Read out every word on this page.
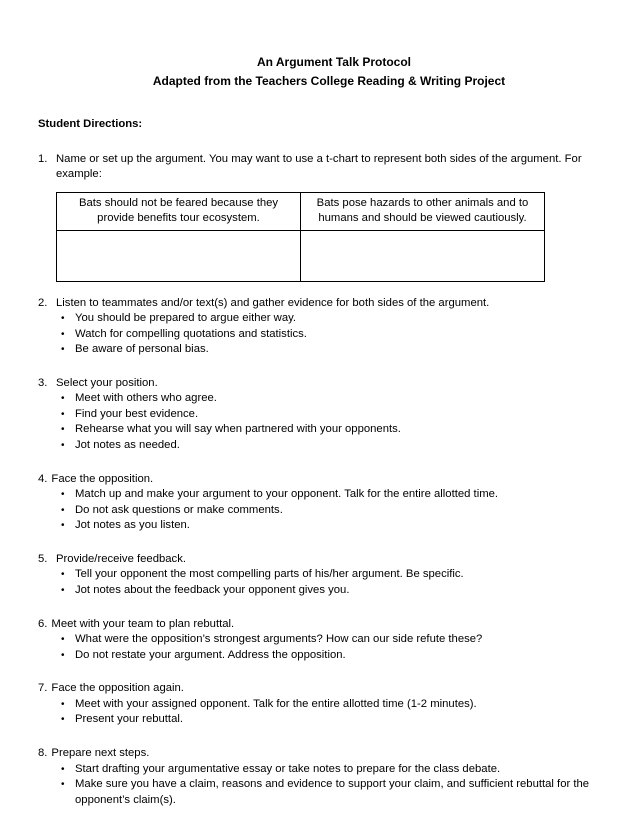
An Argument Talk Protocol
Adapted from the Teachers College Reading & Writing Project
Student Directions:
1. Name or set up the argument. You may want to use a t-chart to represent both sides of the argument. For example:
Bats should not be feared because they provide benefits tour ecosystem.	Bats pose hazards to other animals and to humans and should be viewed cautiously.

2. Listen to teammates and/or text(s) and gather evidence for both sides of the argument.
• You should be prepared to argue either way.
• Watch for compelling quotations and statistics.
• Be aware of personal bias.
3. Select your position.
• Meet with others who agree.
• Find your best evidence.
• Rehearse what you will say when partnered with your opponents.
• Jot notes as needed.
4. Face the opposition.
• Match up and make your argument to your opponent. Talk for the entire allotted time.
• Do not ask questions or make comments.
• Jot notes as you listen.
5. Provide/receive feedback.
• Tell your opponent the most compelling parts of his/her argument. Be specific.
• Jot notes about the feedback your opponent gives you.
6. Meet with your team to plan rebuttal.
• What were the opposition’s strongest arguments? How can our side refute these?
• Do not restate your argument. Address the opposition.
7. Face the opposition again.
• Meet with your assigned opponent. Talk for the entire allotted time (1-2 minutes).
• Present your rebuttal.
8. Prepare next steps.
• Start drafting your argumentative essay or take notes to prepare for the class debate.
• Make sure you have a claim, reasons and evidence to support your claim, and sufficient rebuttal for the opponent’s claim(s).
